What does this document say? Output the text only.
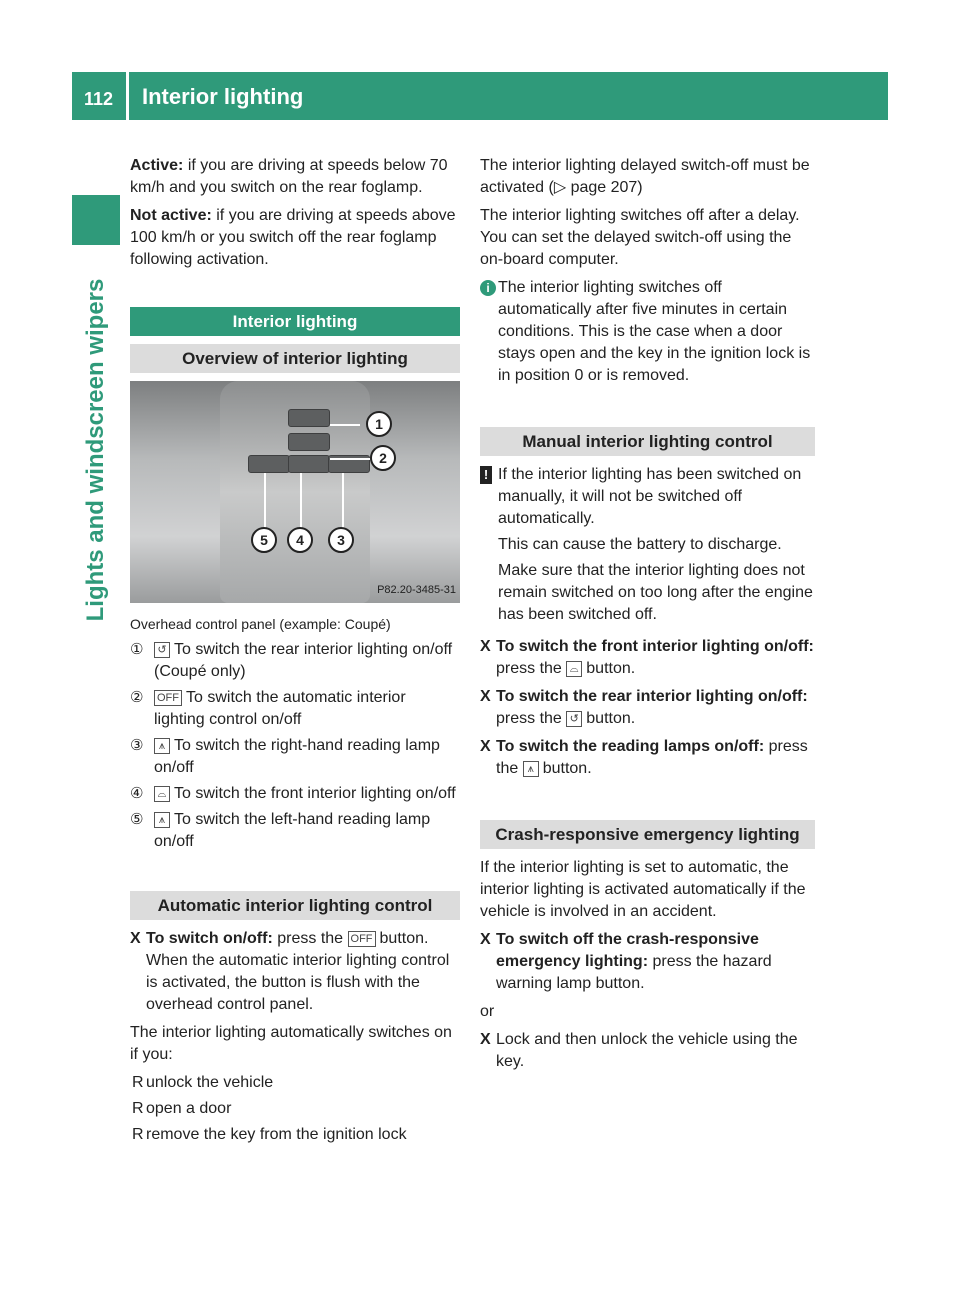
112 Interior lighting
Lights and windscreen wipers

Active: if you are driving at speeds below 70 km/h and you switch on the rear foglamp.

Not active: if you are driving at speeds above 100 km/h or you switch off the rear foglamp following activation.

Interior lighting
Overview of interior lighting
1
2
3
4
5
P82.20-3485-31
Overhead control panel (example: Coupé)
①	↺ To switch the rear interior lighting on/off (Coupé only)
②	OFF To switch the automatic interior lighting control on/off
③	⩚ To switch the right-hand reading lamp on/off
④	⌓ To switch the front interior lighting on/off
⑤	⩚ To switch the left-hand reading lamp on/off
Automatic interior lighting control
X To switch on/off: press the OFF button.
When the automatic interior lighting control is activated, the button is flush with the overhead control panel.

The interior lighting automatically switches on if you:

R unlock the vehicle
R open a door
R remove the key from the ignition lock

The interior lighting delayed switch-off must be activated (▷ page 207)

The interior lighting switches off after a delay. You can set the delayed switch-off using the on-board computer.

i The interior lighting switches off automatically after five minutes in certain conditions. This is the case when a door stays open and the key in the ignition lock is in position 0 or is removed.
Manual interior lighting control
! If the interior lighting has been switched on manually, it will not be switched off automatically.

This can cause the battery to discharge.

Make sure that the interior lighting does not remain switched on too long after the engine has been switched off.

X To switch the front interior lighting on/off: press the ⌓ button.
X To switch the rear interior lighting on/off: press the ↺ button.
X To switch the reading lamps on/off: press the ⩚ button.
Crash-responsive emergency lighting

If the interior lighting is set to automatic, the interior lighting is activated automatically if the vehicle is involved in an accident.

X To switch off the crash-responsive emergency lighting: press the hazard warning lamp button.

or

X Lock and then unlock the vehicle using the key.
